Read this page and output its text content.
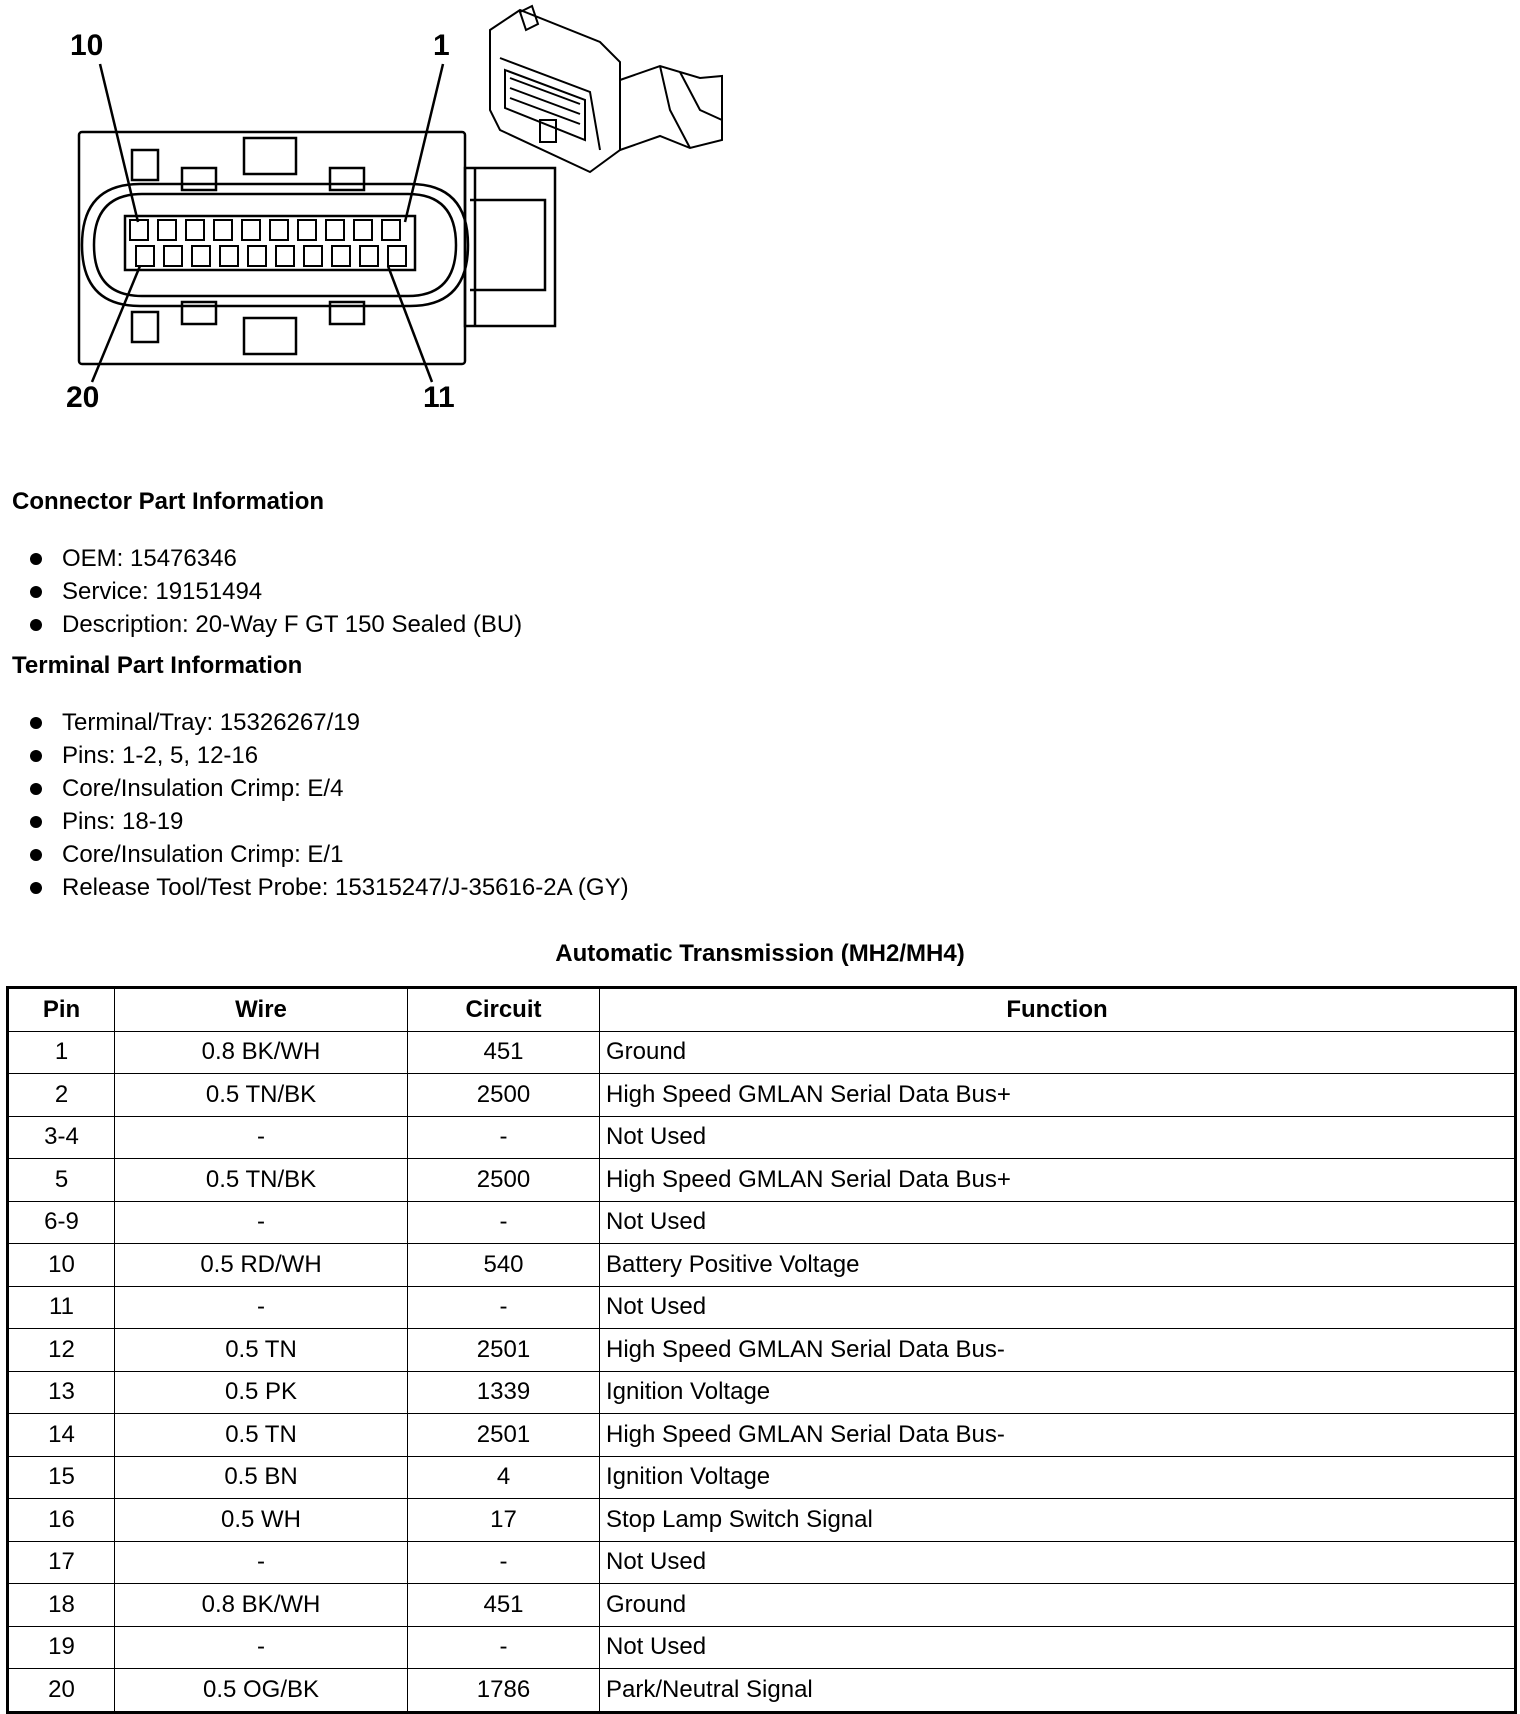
10	1
20	11
Connector Part Information
OEM: 15476346
Service: 19151494
Description: 20-Way F GT 150 Sealed (BU)
Terminal Part Information
Terminal/Tray: 15326267/19
Pins: 1-2, 5, 12-16
Core/Insulation Crimp: E/4
Pins: 18-19
Core/Insulation Crimp: E/1
Release Tool/Test Probe: 15315247/J-35616-2A (GY)
Automatic Transmission (MH2/MH4)
Pin	Wire	Circuit	Function
1	0.8 BK/WH	451	Ground
2	0.5 TN/BK	2500	High Speed GMLAN Serial Data Bus+
3-4	-	-	Not Used
5	0.5 TN/BK	2500	High Speed GMLAN Serial Data Bus+
6-9	-	-	Not Used
10	0.5 RD/WH	540	Battery Positive Voltage
11	-	-	Not Used
12	0.5 TN	2501	High Speed GMLAN Serial Data Bus-
13	0.5 PK	1339	Ignition Voltage
14	0.5 TN	2501	High Speed GMLAN Serial Data Bus-
15	0.5 BN	4	Ignition Voltage
16	0.5 WH	17	Stop Lamp Switch Signal
17	-	-	Not Used
18	0.8 BK/WH	451	Ground
19	-	-	Not Used
20	0.5 OG/BK	1786	Park/Neutral Signal
